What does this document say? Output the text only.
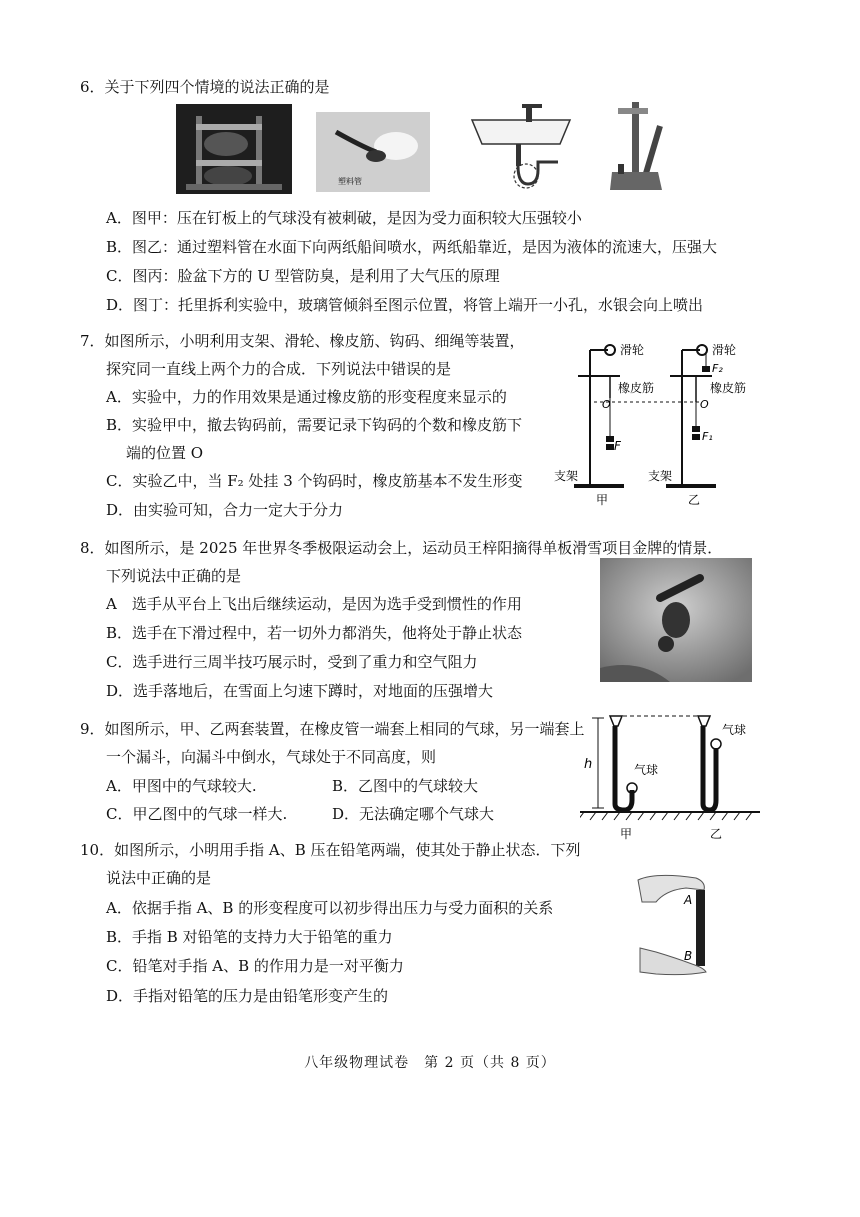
6．关于下列四个情境的说法正确的是
塑料管
A．图甲：压在钉板上的气球没有被刺破，是因为受力面积较大压强较小
B．图乙：通过塑料管在水面下向两纸船间喷水，两纸船靠近，是因为液体的流速大，压强大
C．图丙：脸盆下方的 U 型管防臭，是利用了大气压的原理
D．图丁：托里拆利实验中，玻璃管倾斜至图示位置，将管上端开一小孔，水银会向上喷出
7．如图所示，小明利用支架、滑轮、橡皮筋、钩码、细绳等装置，
探究同一直线上两个力的合成．下列说法中错误的是
A．实验中，力的作用效果是通过橡皮筋的形变程度来显示的
B．实验甲中，撤去钩码前，需要记录下钩码的个数和橡皮筋下
端的位置 O
C．实验乙中，当 F₂ 处挂 3 个钩码时，橡皮筋基本不发生形变
D．由实验可知，合力一定大于分力
滑轮
橡皮筋
F
支架
甲
滑轮
F₂
橡皮筋
O	O
F₁
支架
乙
8．如图所示，是 2025 年世界冬季极限运动会上，运动员王梓阳摘得单板滑雪项目金牌的情景．
下列说法中正确的是
A　选手从平台上飞出后继续运动，是因为选手受到惯性的作用
B．选手在下滑过程中，若一切外力都消失，他将处于静止状态
C．选手进行三周半技巧展示时，受到了重力和空气阻力
D．选手落地后，在雪面上匀速下蹲时，对地面的压强增大
9．如图所示，甲、乙两套装置，在橡皮管一端套上相同的气球，另一端套上
一个漏斗，向漏斗中倒水，气球处于不同高度，则
A．甲图中的气球较大.	B．乙图中的气球较大
C．甲乙图中的气球一样大.	D．无法确定哪个气球大
h	气球
甲
气球
乙
10．如图所示，小明用手指 A、B 压在铅笔两端，使其处于静止状态．下列
说法中正确的是
A．依据手指 A、B 的形变程度可以初步得出压力与受力面积的关系
B．手指 B 对铅笔的支持力大于铅笔的重力
C．铅笔对手指 A、B 的作用力是一对平衡力
D．手指对铅笔的压力是由铅笔形变产生的
A
B
八年级物理试卷　第 2 页（共 8 页）
